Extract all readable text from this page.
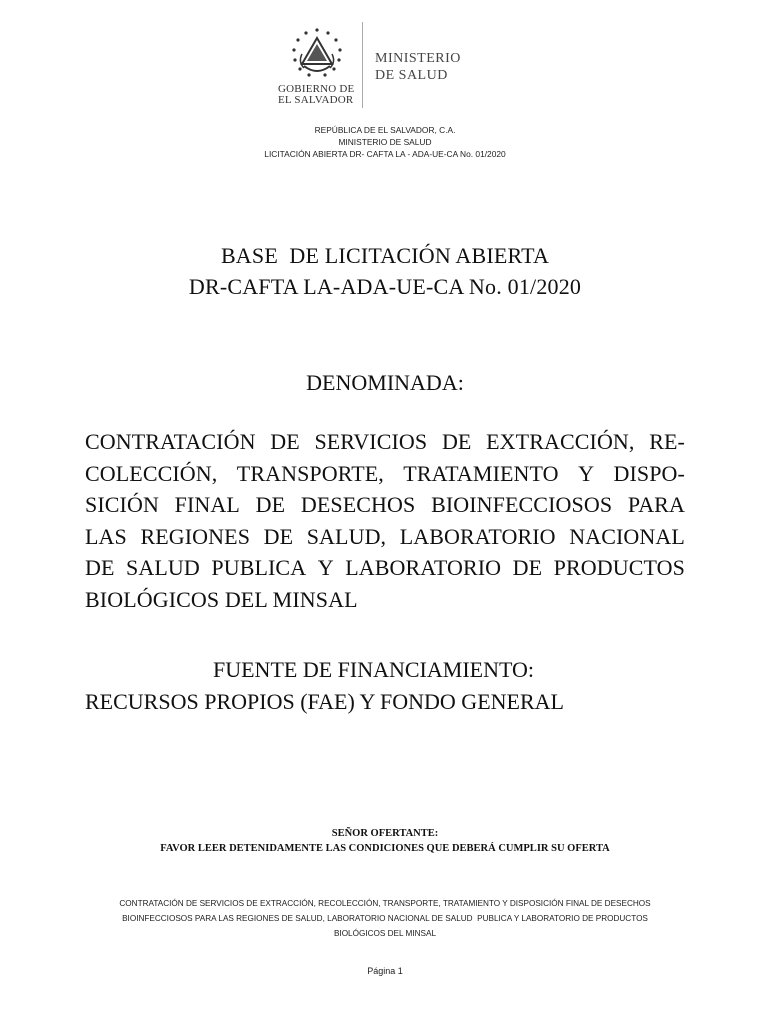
GOBIERNO DE
EL SALVADOR
MINISTERIO
DE SALUD
REPÚBLICA DE EL SALVADOR, C.A.
MINISTERIO DE SALUD
LICITACIÓN ABIERTA DR- CAFTA LA - ADA-UE-CA No. 01/2020
BASE  DE LICITACIÓN ABIERTA
DR-CAFTA LA-ADA-UE-CA No. 01/2020
DENOMINADA:
CONTRATACIÓN DE SERVICIOS DE EXTRACCIÓN, RE-
COLECCIÓN, TRANSPORTE, TRATAMIENTO Y DISPO-
SICIÓN FINAL DE DESECHOS BIOINFECCIOSOS PARA
LAS REGIONES DE SALUD, LABORATORIO NACIONAL
DE SALUD PUBLICA Y LABORATORIO DE PRODUCTOS
BIOLÓGICOS DEL MINSAL
FUENTE DE FINANCIAMIENTO:
RECURSOS PROPIOS (FAE) Y FONDO GENERAL
SEÑOR OFERTANTE:
FAVOR LEER DETENIDAMENTE LAS CONDICIONES QUE DEBERÁ CUMPLIR SU OFERTA
CONTRATACIÓN DE SERVICIOS DE EXTRACCIÓN, RECOLECCIÓN, TRANSPORTE, TRATAMIENTO Y DISPOSICIÓN FINAL DE DESECHOS
BIOINFECCIOSOS PARA LAS REGIONES DE SALUD, LABORATORIO NACIONAL DE SALUD  PUBLICA Y LABORATORIO DE PRODUCTOS
BIOLÓGICOS DEL MINSAL
Página 1
